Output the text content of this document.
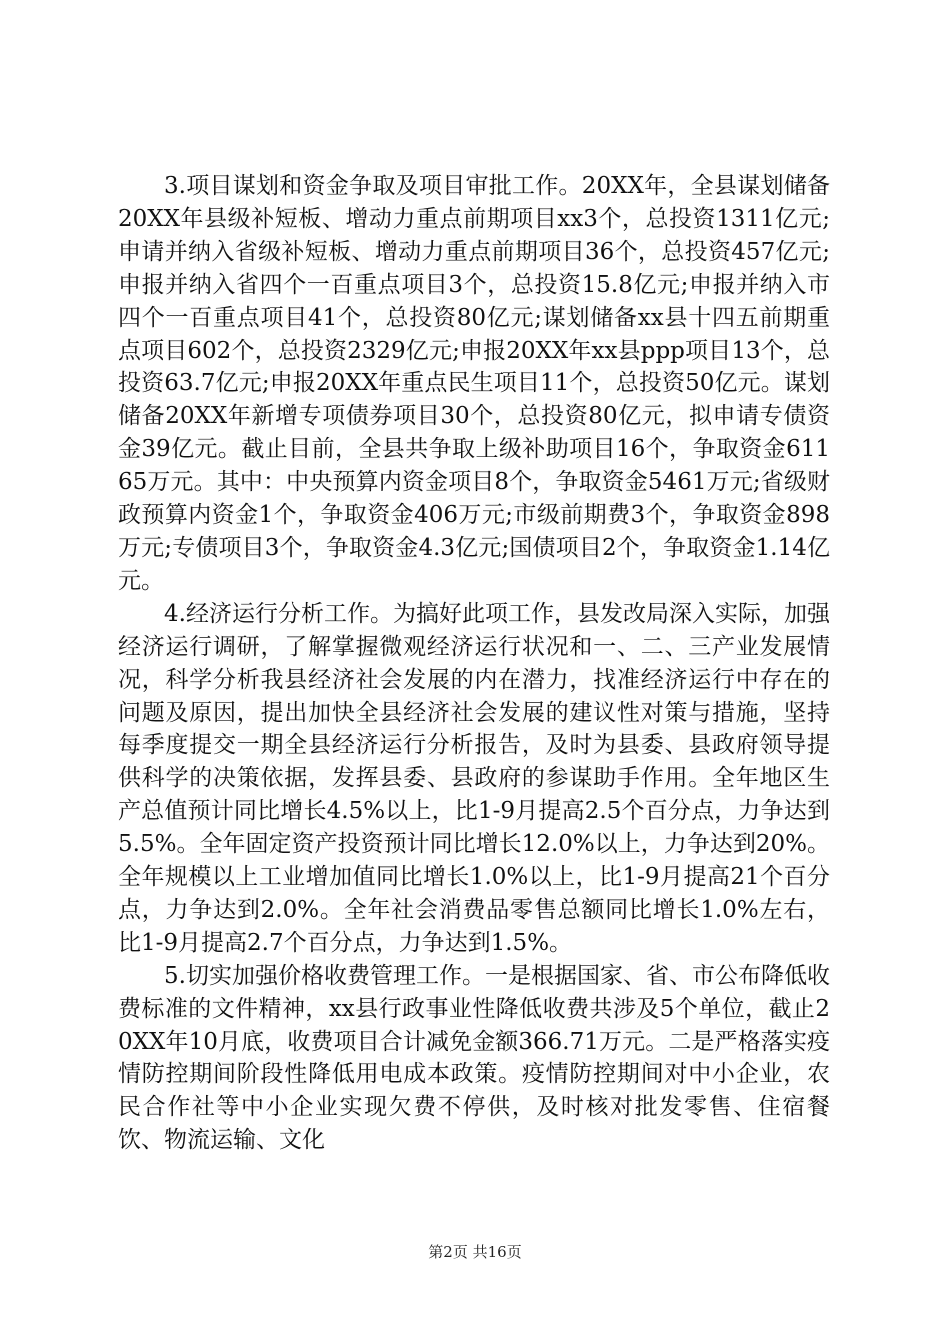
3.项目谋划和资金争取及项目审批工作。20XX年，全县谋划储备20XX年县级补短板、增动力重点前期项目xx3个，总投资1311亿元;申请并纳入省级补短板、增动力重点前期项目36个，总投资457亿元;申报并纳入省四个一百重点项目3个，总投资15.8亿元;申报并纳入市四个一百重点项目41个，总投资80亿元;谋划储备xx县十四五前期重点项目602个，总投资2329亿元;申报20XX年xx县ppp项目13个，总投资63.7亿元;申报20XX年重点民生项目11个，总投资50亿元。谋划储备20XX年新增专项债券项目30个，总投资80亿元，拟申请专债资金39亿元。截止目前，全县共争取上级补助项目16个，争取资金61165万元。其中：中央预算内资金项目8个，争取资金5461万元;省级财政预算内资金1个，争取资金406万元;市级前期费3个，争取资金898万元;专债项目3个，争取资金4.3亿元;国债项目2个，争取资金1.14亿元。

4.经济运行分析工作。为搞好此项工作，县发改局深入实际，加强经济运行调研，了解掌握微观经济运行状况和一、二、三产业发展情况，科学分析我县经济社会发展的内在潜力，找准经济运行中存在的问题及原因，提出加快全县经济社会发展的建议性对策与措施，坚持每季度提交一期全县经济运行分析报告，及时为县委、县政府领导提供科学的决策依据，发挥县委、县政府的参谋助手作用。全年地区生产总值预计同比增长4.5%以上，比1-9月提高2.5个百分点，力争达到5.5%。全年固定资产投资预计同比增长12.0%以上，力争达到20%。全年规模以上工业增加值同比增长1.0%以上，比1-9月提高21个百分点，力争达到2.0%。全年社会消费品零售总额同比增长1.0%左右，比1-9月提高2.7个百分点，力争达到1.5%。

5.切实加强价格收费管理工作。一是根据国家、省、市公布降低收费标准的文件精神，xx县行政事业性降低收费共涉及5个单位，截止20XX年10月底，收费项目合计减免金额366.71万元。二是严格落实疫情防控期间阶段性降低用电成本政策。疫情防控期间对中小企业，农民合作社等中小企业实现欠费不停供，及时核对批发零售、住宿餐饮、物流运输、文化

第2页 共16页
